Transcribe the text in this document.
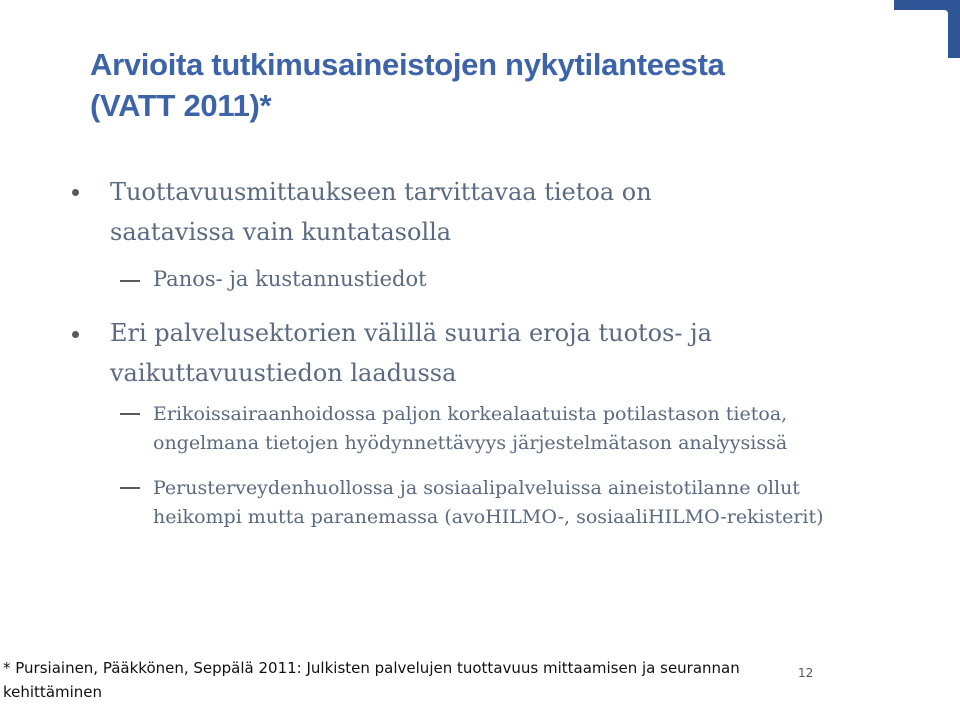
Arvioita tutkimusaineistojen nykytilanteesta
(VATT 2011)*
Tuottavuusmittaukseen tarvittavaa tietoa on
saatavissa vain kuntatasolla
Panos- ja kustannustiedot
Eri palvelusektorien välillä suuria eroja tuotos- ja
vaikuttavuustiedon laadussa
Erikoissairaanhoidossa paljon korkealaatuista potilastason tietoa,
ongelmana tietojen hyödynnettävyys järjestelmätason analyysissä
Perusterveydenhuollossa ja sosiaalipalveluissa aineistotilanne ollut
heikompi mutta paranemassa (avoHILMO-, sosiaaliHILMO-rekisterit)
* Pursiainen, Pääkkönen, Seppälä 2011: Julkisten palvelujen tuottavuus mittaamisen ja seurannan
kehittäminen
12
